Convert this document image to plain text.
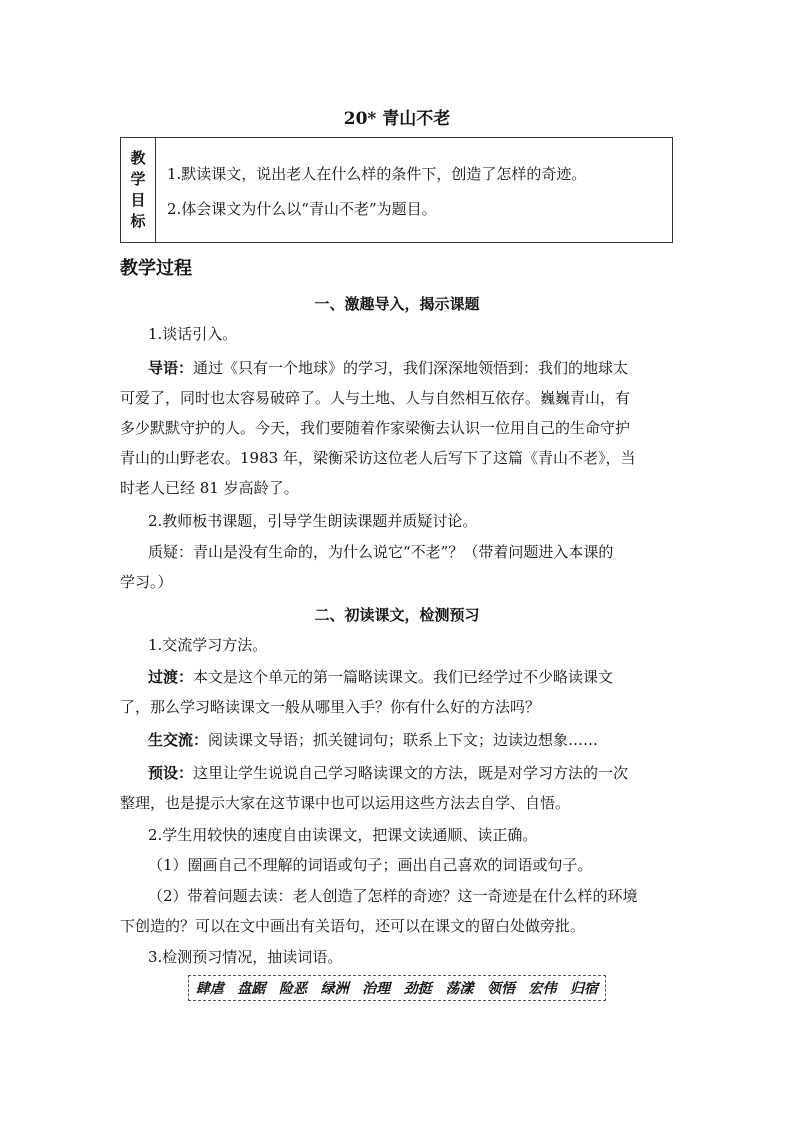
20* 青山不老
教
学
目
标
1.默读课文，说出老人在什么样的条件下，创造了怎样的奇迹。
2.体会课文为什么以“青山不老”为题目。
教学过程
一、激趣导入，揭示课题
1.谈话引入。
导语：通过《只有一个地球》的学习，我们深深地领悟到：我们的地球太
可爱了，同时也太容易破碎了。人与土地、人与自然相互依存。巍巍青山，有
多少默默守护的人。今天，我们要随着作家梁衡去认识一位用自己的生命守护
青山的山野老农。1983 年，梁衡采访这位老人后写下了这篇《青山不老》，当
时老人已经 81 岁高龄了。
2.教师板书课题，引导学生朗读课题并质疑讨论。
质疑：青山是没有生命的，为什么说它“不老”？（带着问题进入本课的
学习。）
二、初读课文，检测预习
1.交流学习方法。
过渡：本文是这个单元的第一篇略读课文。我们已经学过不少略读课文
了，那么学习略读课文一般从哪里入手？你有什么好的方法吗？
生交流：阅读课文导语；抓关键词句；联系上下文；边读边想象……
预设：这里让学生说说自己学习略读课文的方法，既是对学习方法的一次
整理，也是提示大家在这节课中也可以运用这些方法去自学、自悟。
2.学生用较快的速度自由读课文，把课文读通顺、读正确。
（1）圈画自己不理解的词语或句子；画出自己喜欢的词语或句子。
（2）带着问题去读：老人创造了怎样的奇迹？这一奇迹是在什么样的环境
下创造的？可以在文中画出有关语句，还可以在课文的留白处做旁批。
3.检测预习情况，抽读词语。
肆虐 盘踞 险恶 绿洲 治理 劲挺 荡漾 领悟 宏伟 归宿
